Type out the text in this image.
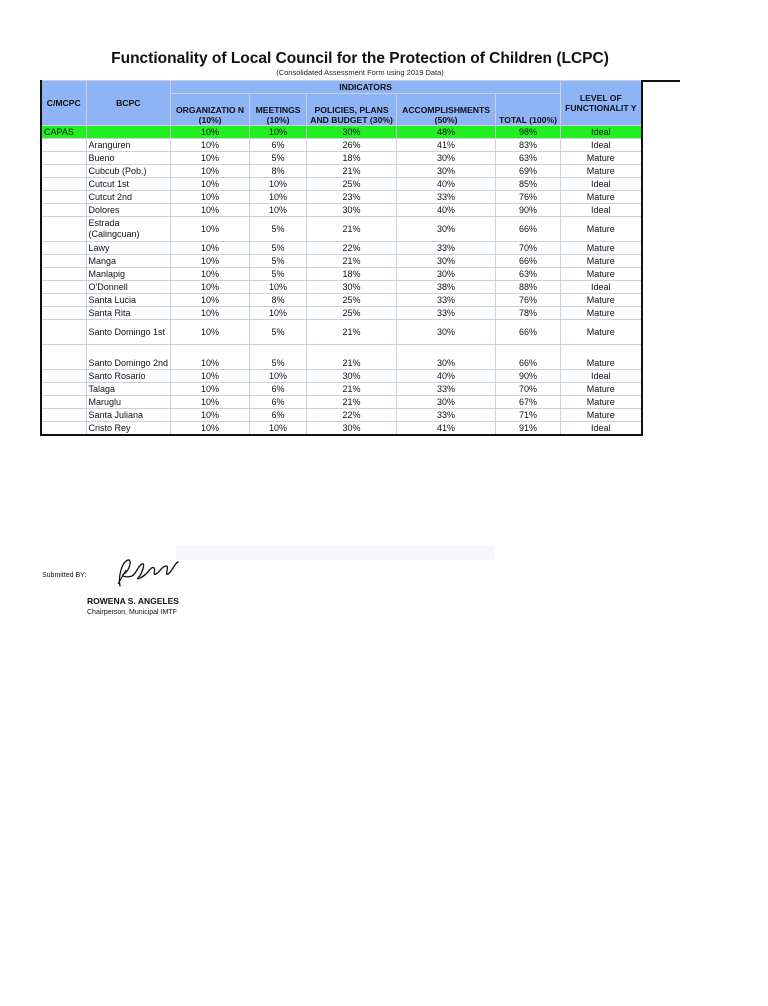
Functionality of Local Council for the Protection of Children (LCPC)
(Consolidated Assessment Form using 2019 Data)
C/MCPC	BCPC	INDICATORS					LEVEL OF FUNCTIONALIT Y
		ORGANIZATIO N (10%)	MEETINGS (10%)	POLICIES, PLANS AND BUDGET (30%)	ACCOMPLISHMENTS (50%)	TOTAL (100%)	
CAPAS		10%	10%	30%	48%	98%	Ideal
	Aranguren	10%	6%	26%	41%	83%	Ideal
	Bueno	10%	5%	18%	30%	63%	Mature
	Cubcub (Pob.)	10%	8%	21%	30%	69%	Mature
	Cutcut 1st	10%	10%	25%	40%	85%	Ideal
	Cutcut 2nd	10%	10%	23%	33%	76%	Mature
	Dolores	10%	10%	30%	40%	90%	Ideal
	Estrada (Calingcuan)	10%	5%	21%	30%	66%	Mature
	Lawy	10%	5%	22%	33%	70%	Mature
	Manga	10%	5%	21%	30%	66%	Mature
	Manlapig	10%	5%	18%	30%	63%	Mature
	O'Donnell	10%	10%	30%	38%	88%	Ideal
	Santa Lucia	10%	8%	25%	33%	76%	Mature
	Santa Rita	10%	10%	25%	33%	78%	Mature
	Santo Domingo 1st	10%	5%	21%	30%	66%	Mature
	Santo Domingo 2nd	10%	5%	21%	30%	66%	Mature
	Santo Rosario	10%	10%	30%	40%	90%	Ideal
	Talaga	10%	6%	21%	33%	70%	Mature
	Maruglu	10%	6%	21%	30%	67%	Mature
	Santa Juliana	10%	6%	22%	33%	71%	Mature
	Cristo Rey	10%	10%	30%	41%	91%	Ideal
Submitted BY:
ROWENA S. ANGELES
Chairperson, Municipal IMTF
